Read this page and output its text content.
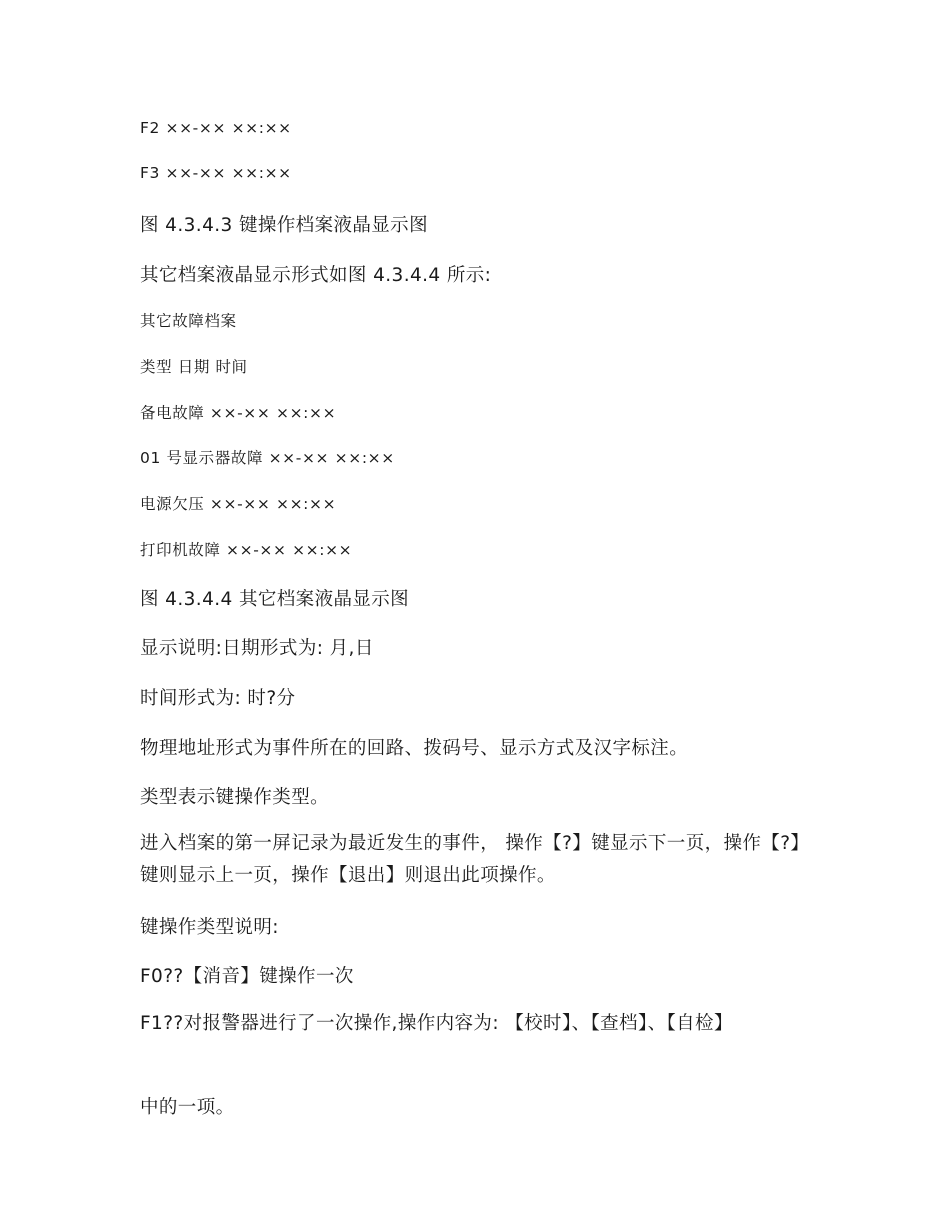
F2 ××-×× ××:××
F3 ××-×× ××:××
图 4.3.4.3 键操作档案液晶显示图
其它档案液晶显示形式如图 4.3.4.4 所示:
其它故障档案
类型 日期 时间
备电故障 ××-×× ××:××
01 号显示器故障 ××-×× ××:××
电源欠压 ××-×× ××:××
打印机故障 ××-×× ××:××
图 4.3.4.4 其它档案液晶显示图
显示说明:日期形式为: 月,日
时间形式为: 时?分
物理地址形式为事件所在的回路、拨码号、显示方式及汉字标注。
类型表示键操作类型。
进入档案的第一屏记录为最近发生的事件， 操作【?】键显示下一页，操作【?】键则显示上一页，操作【退出】则退出此项操作。
键操作类型说明:
F0??【消音】键操作一次
F1??对报警器进行了一次操作,操作内容为: 【校时】、【查档】、【自检】
中的一项。
